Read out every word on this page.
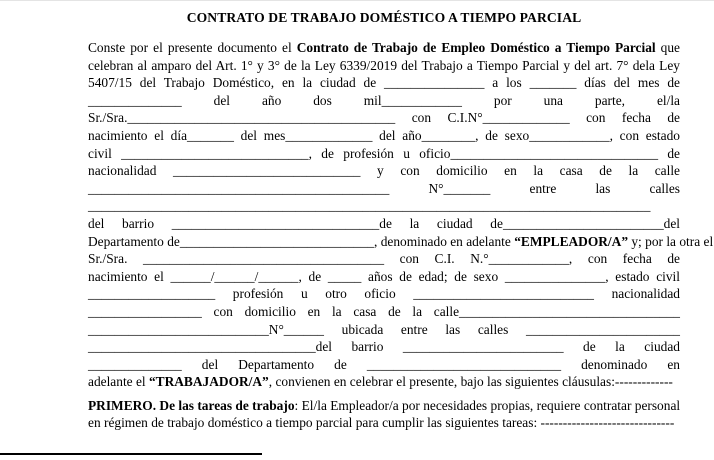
CONTRATO DE TRABAJO DOMÉSTICO A TIEMPO PARCIAL
Conste por el presente documento el Contrato de Trabajo de Empleo Doméstico a Tiempo Parcial que
celebran al amparo del Art. 1° y 3° de la Ley 6339/2019 del Trabajo a Tiempo Parcial y del art. 7° dela Ley
5407/15 del Trabajo Doméstico, en la ciudad de _______________ a los _______ días del mes de
______________ del año dos mil____________ por una parte, el/la
Sr./Sra.________________________________________ con C.I.N°_____________ con fecha de
nacimiento el día_______ del mes_____________ del año________, de sexo____________, con estado
civil ____________________________, de profesión u oficio_______________________________ de
nacionalidad ____________________________ y con domicilio en la casa de la calle
_____________________________________________ N°_______ entre las calles
____________________________________________________________________________________
del barrio _______________________________de la ciudad de________________________del
Departamento de_____________________________, denominado en adelante “EMPLEADOR/A” y; por la otra el
Sr./Sra. ____________________________________ con C.I. N.°____________, con fecha de
nacimiento el ______/______/______, de _____ años de edad; de sexo _______________, estado civil
___________________ profesión u otro oficio ___________________________ nacionalidad
_________________ con domicilio en la casa de la calle_________________________________
___________________________N°______ ubicada entre las calles _______________________
__________________________________del barrio ________________________ de la ciudad
______________ del Departamento de _____________________________ denominado en
adelante el “TRABAJADOR/A”, convienen en celebrar el presente, bajo las siguientes cláusulas:-------------
PRIMERO. De las tareas de trabajo: El/la Empleador/a por necesidades propias, requiere contratar personal
en régimen de trabajo doméstico a tiempo parcial para cumplir las siguientes tareas: ------------------------------
